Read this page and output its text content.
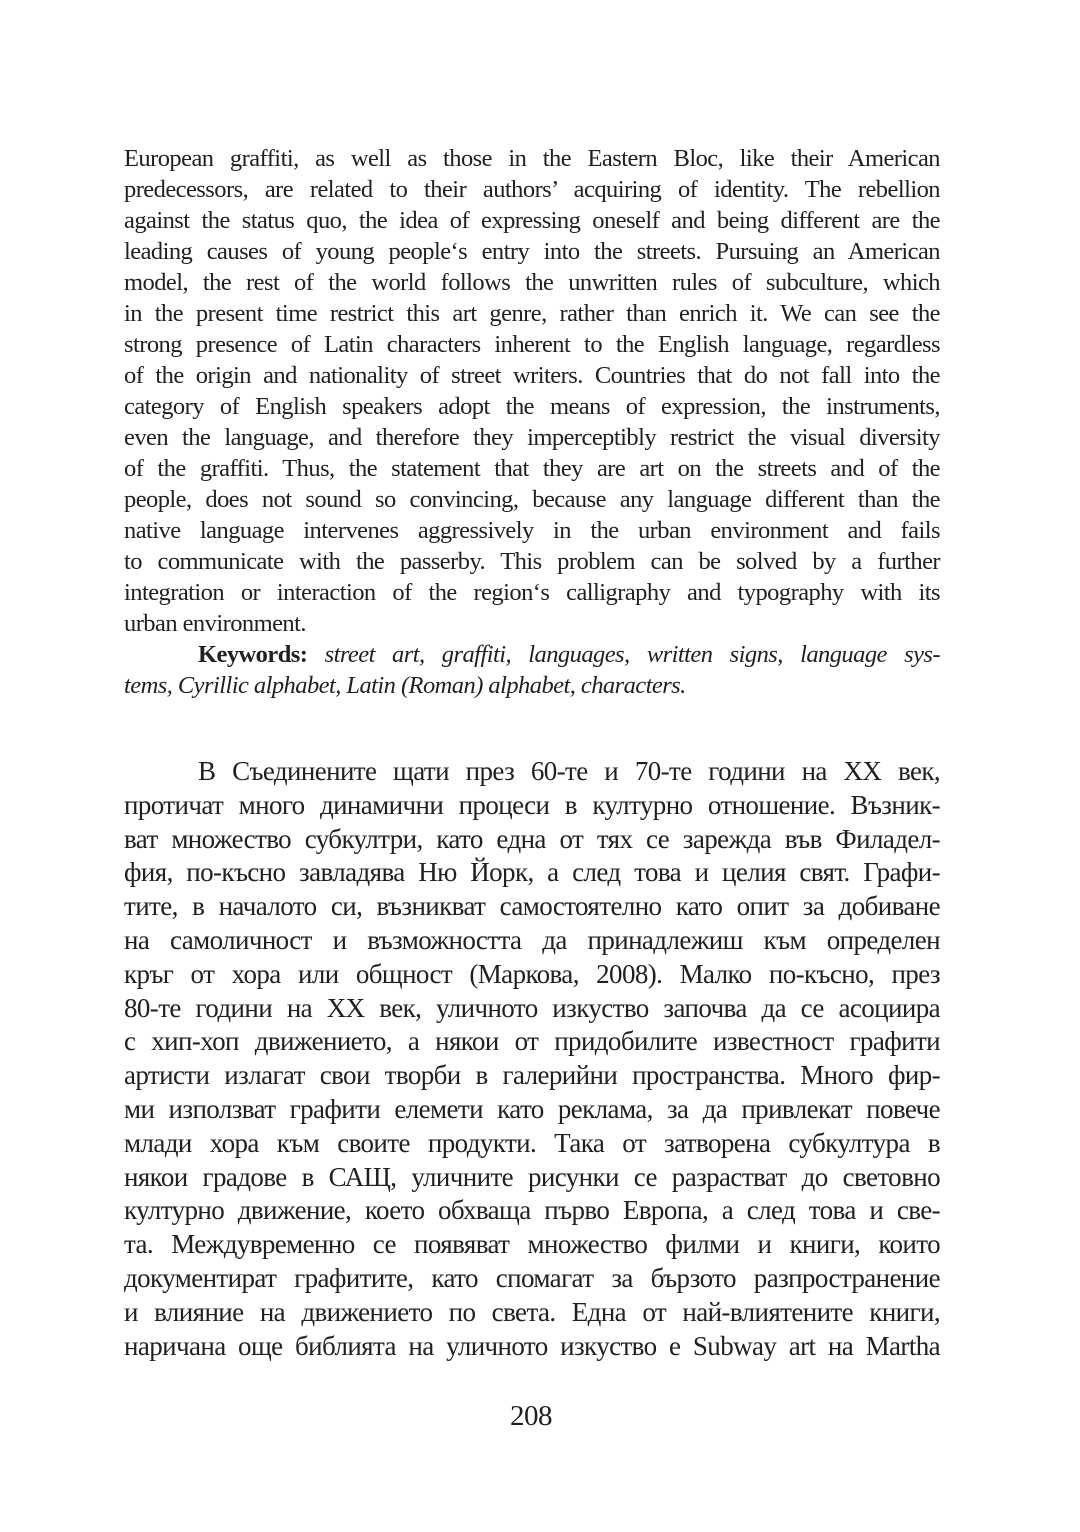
European graffiti, as well as those in the Eastern Bloc, like their American
predecessors, are related to their authors’ acquiring of identity. The rebellion
against the status quo, the idea of expressing oneself and being different are the
leading causes of young people‘s entry into the streets. Pursuing an American
model, the rest of the world follows the unwritten rules of subculture, which
in the present time restrict this art genre, rather than enrich it. We can see the
strong presence of Latin characters inherent to the English language, regardless
of the origin and nationality of street writers. Countries that do not fall into the
category of English speakers adopt the means of expression, the instruments,
even the language, and therefore they imperceptibly restrict the visual diversity
of the graffiti. Thus, the statement that they are art on the streets and of the
people, does not sound so convincing, because any language different than the
native language intervenes aggressively in the urban environment and fails
to communicate with the passerby. This problem can be solved by a further
integration or interaction of the region‘s calligraphy and typography with its
urban environment.
Keywords: street art, graffiti, languages, written signs, language sys-
tems, Cyrillic alphabet, Latin (Roman) alphabet, characters.
В Съединените щати през 60-те и 70-те години на XX век,
протичат много динамични процеси в културно отношение. Възник-
ват множество субкултри, като една от тях се зарежда във Филадел-
фия, по-късно завладява Ню Йорк, а след това и целия свят. Графи-
тите, в началото си, възникват самостоятелно като опит за добиване
на самоличност и възможността да принадлежиш към определен
кръг от хора или общност (Маркова, 2008). Малко по-късно, през
80-те години на XX век, уличното изкуство започва да се асоциира
с хип-хоп движението, а някои от придобилите известност графити
артисти излагат свои творби в галерийни пространства. Много фир-
ми използват графити елемети като реклама, за да привлекат повече
млади хора към своите продукти. Така от затворена субкултура в
някои градове в САЩ, уличните рисунки се разрастват до световно
културно движение, което обхваща първо Европа, а след това и све-
та. Междувременно се появяват множество филми и книги, които
документират графитите, като спомагат за бързото разпространение
и влияние на движението по света. Една от най-влиятените книги,
наричана още библията на уличното изкуство е Subway art на Martha
208
